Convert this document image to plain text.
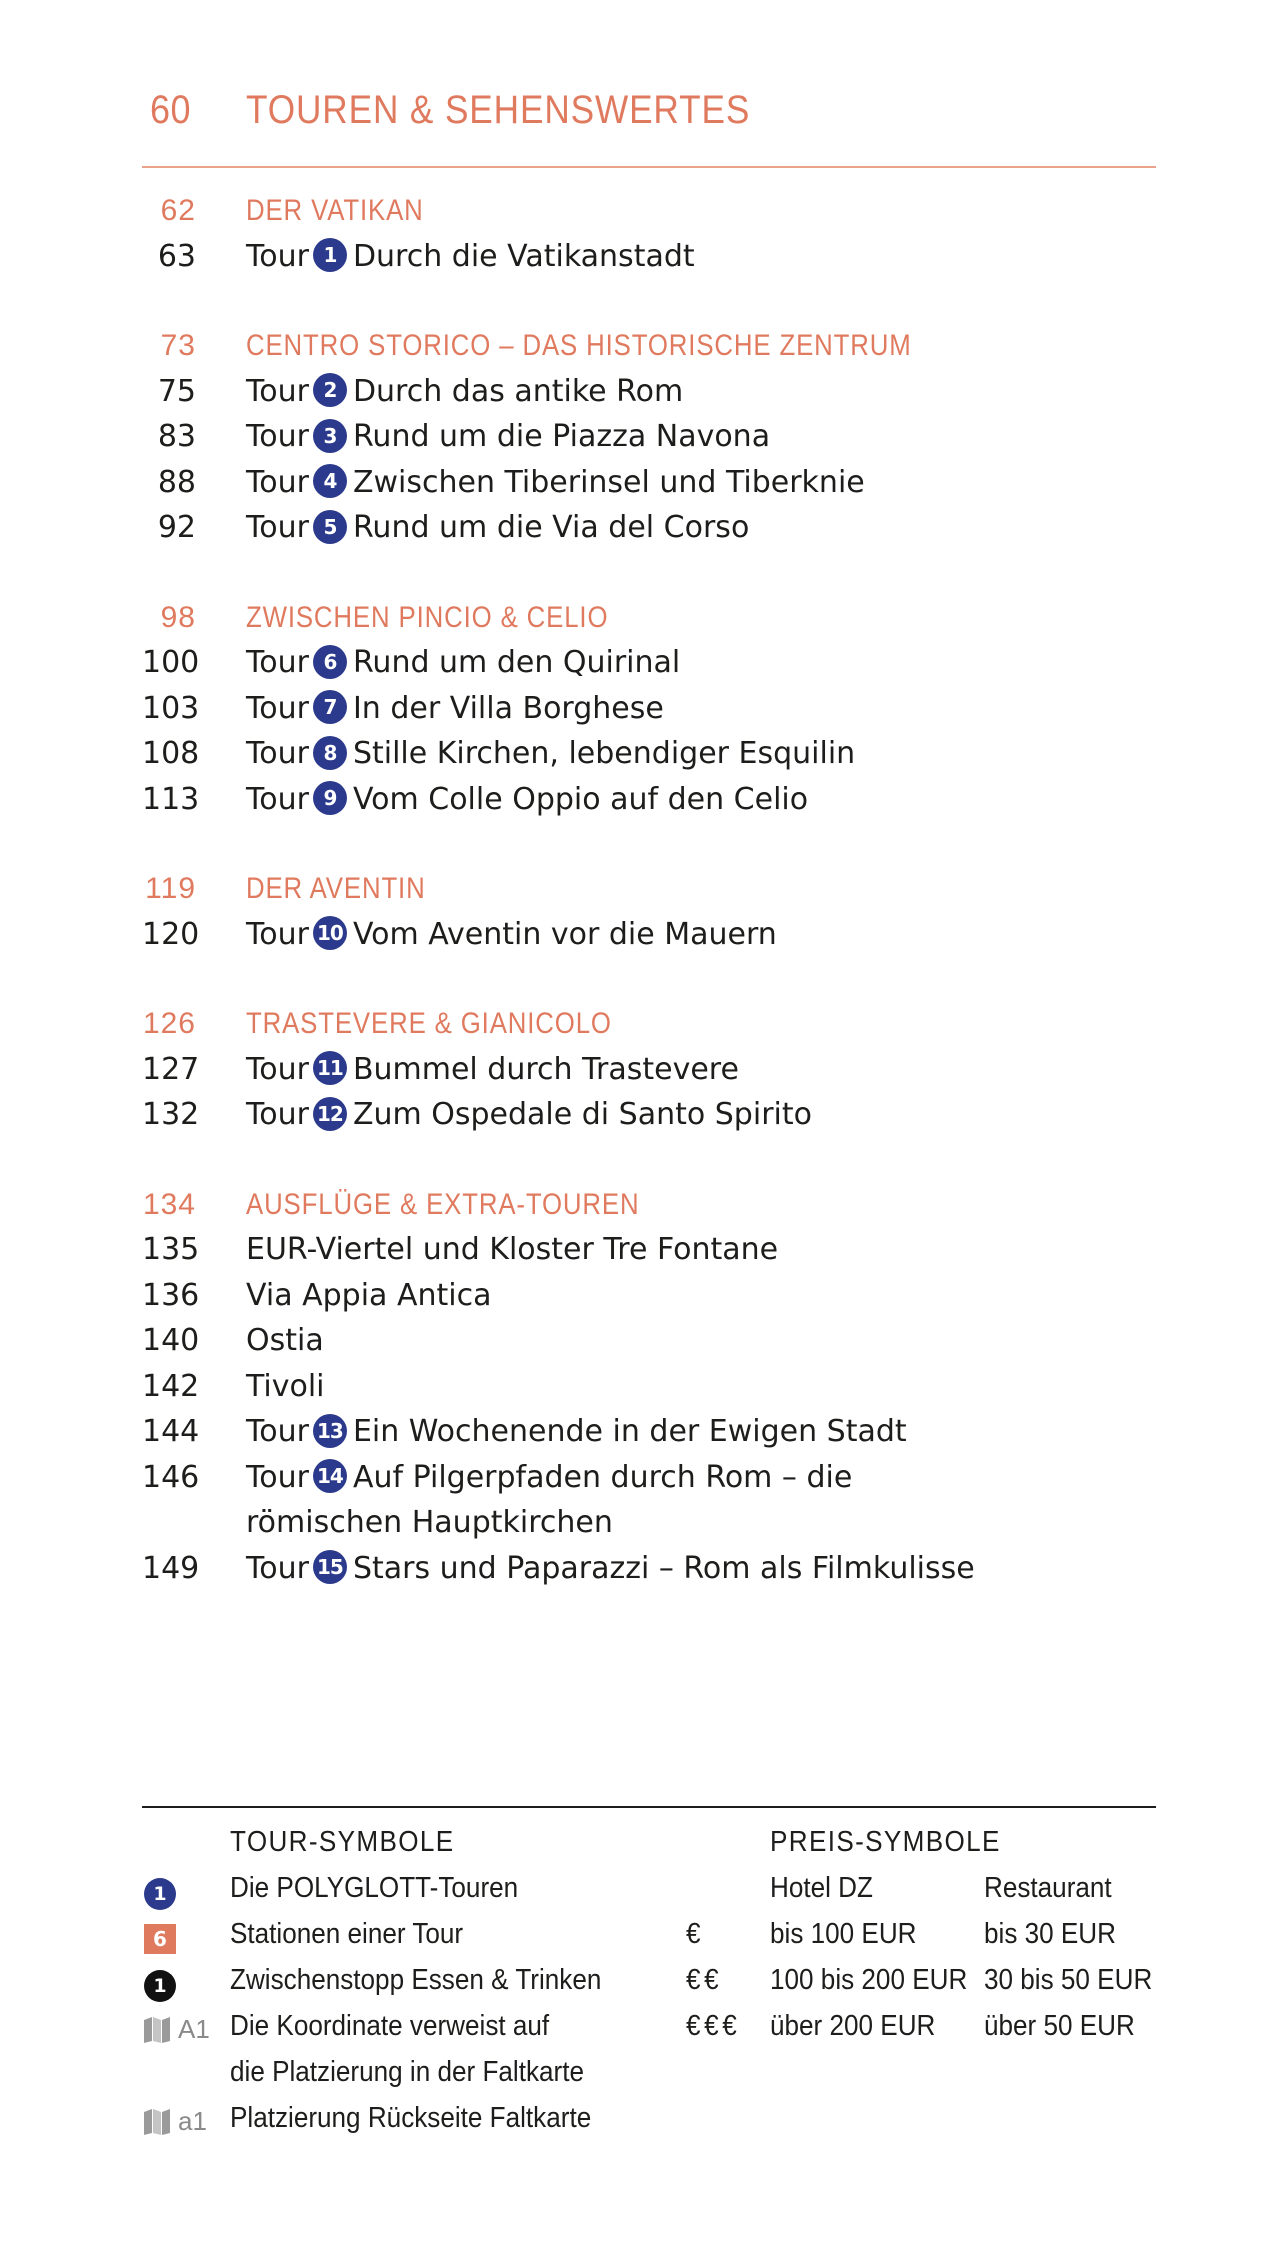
60 TOUREN & SEHENSWERTES
62 DER VATIKAN
63 Tour 1 Durch die Vatikanstadt
73 CENTRO STORICO – DAS HISTORISCHE ZENTRUM
75 Tour 2 Durch das antike Rom
83 Tour 3 Rund um die Piazza Navona
88 Tour 4 Zwischen Tiberinsel und Tiberknie
92 Tour 5 Rund um die Via del Corso
98 ZWISCHEN PINCIO & CELIO
100 Tour 6 Rund um den Quirinal
103 Tour 7 In der Villa Borghese
108 Tour 8 Stille Kirchen, lebendiger Esquilin
113 Tour 9 Vom Colle Oppio auf den Celio
119 DER AVENTIN
120 Tour 10 Vom Aventin vor die Mauern
126 TRASTEVERE & GIANICOLO
127 Tour 11 Bummel durch Trastevere
132 Tour 12 Zum Ospedale di Santo Spirito
134 AUSFLÜGE & EXTRA-TOUREN
135 EUR-Viertel und Kloster Tre Fontane
136 Via Appia Antica
140 Ostia
142 Tivoli
144 Tour 13 Ein Wochenende in der Ewigen Stadt
146 Tour 14 Auf Pilgerpfaden durch Rom – die römischen Hauptkirchen
149 Tour 15 Stars und Paparazzi – Rom als Filmkulisse
TOUR-SYMBOLE
1	Die POLYGLOTT-Touren
6	Stationen einer Tour
1	Zwischenstopp Essen & Trinken
A1 Die Koordinate verweist auf
die Platzierung in der Faltkarte
a1 Platzierung Rückseite Faltkarte
PREIS-SYMBOLE
Hotel DZ	Restaurant
€ bis 100 EUR bis 30 EUR
€€ 100 bis 200 EUR 30 bis 50 EUR
€€€ über 200 EUR über 50 EUR
